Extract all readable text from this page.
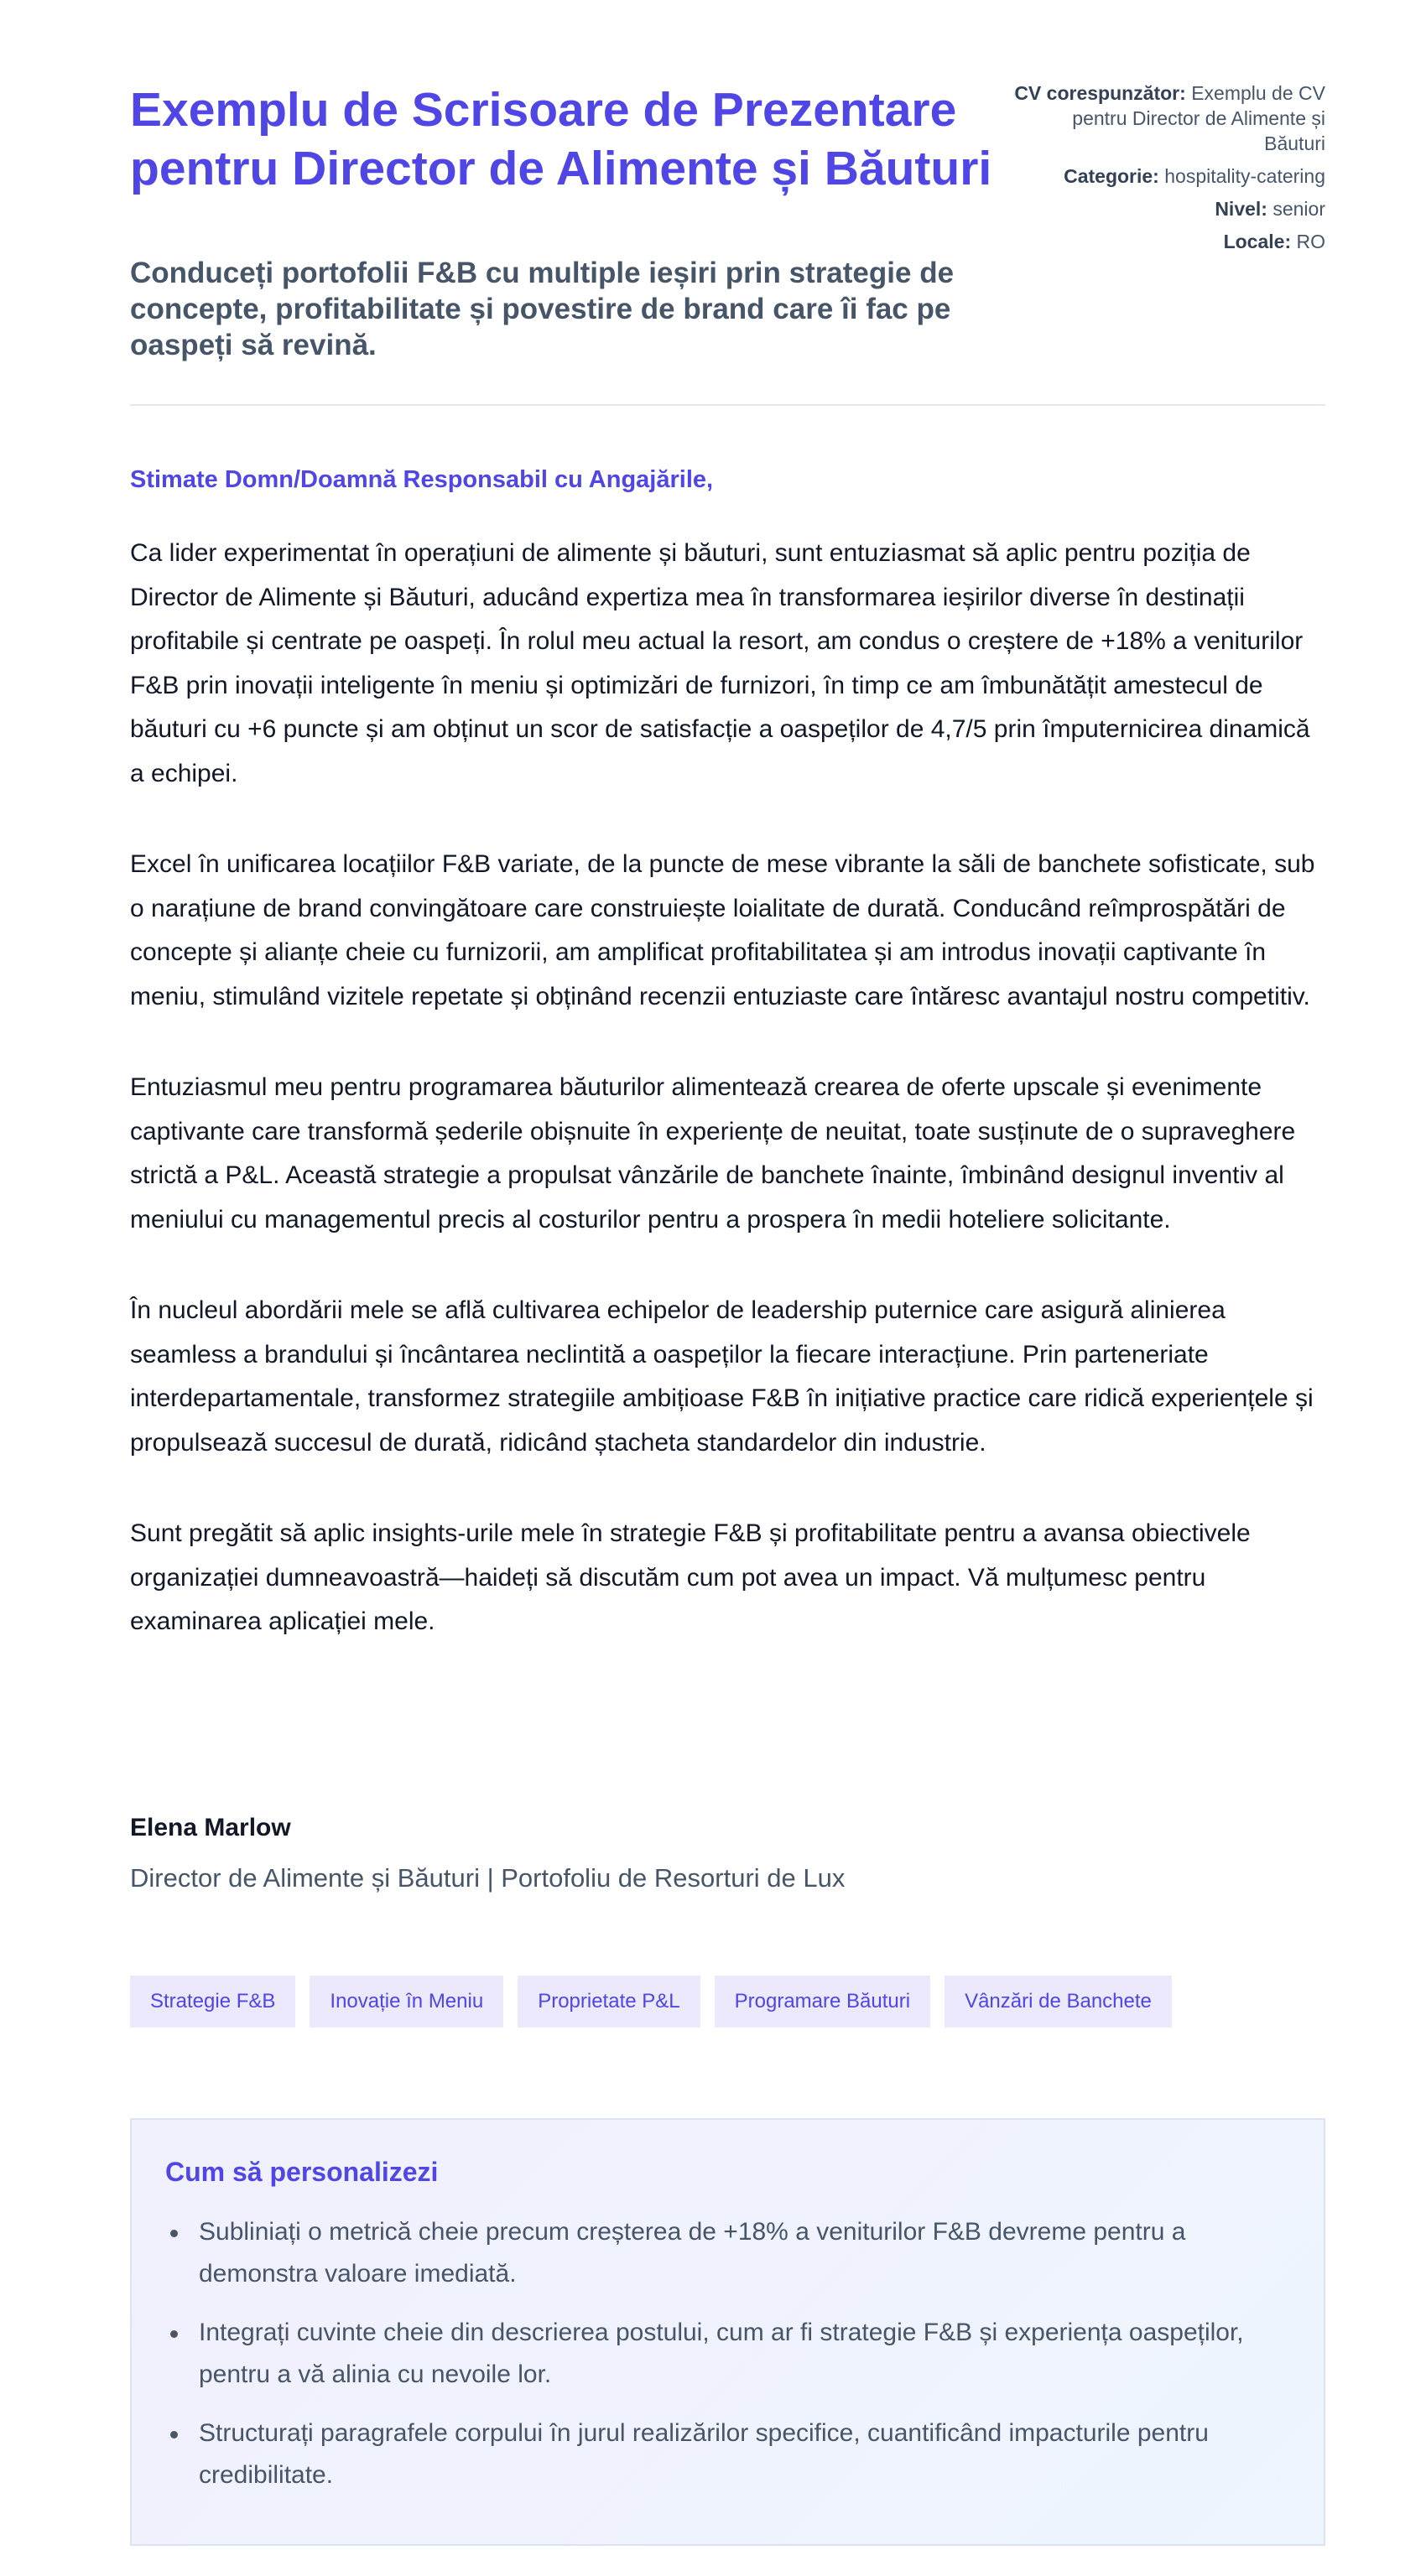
Exemplu de Scrisoare de Prezentare pentru Director de Alimente și Băuturi
Conduceți portofolii F&B cu multiple ieșiri prin strategie de concepte, profitabilitate și povestire de brand care îi fac pe oaspeți să revină.
CV corespunzător: Exemplu de CV pentru Director de Alimente și Băuturi
Categorie: hospitality-catering
Nivel: senior
Locale: RO
Stimate Domn/Doamnă Responsabil cu Angajările,

Ca lider experimentat în operațiuni de alimente și băuturi, sunt entuziasmat să aplic pentru poziția de Director de Alimente și Băuturi, aducând expertiza mea în transformarea ieșirilor diverse în destinații profitabile și centrate pe oaspeți. În rolul meu actual la resort, am condus o creștere de +18% a veniturilor F&B prin inovații inteligente în meniu și optimizări de furnizori, în timp ce am îmbunătățit amestecul de băuturi cu +6 puncte și am obținut un scor de satisfacție a oaspeților de 4,7/5 prin împuternicirea dinamică a echipei.

Excel în unificarea locațiilor F&B variate, de la puncte de mese vibrante la săli de banchete sofisticate, sub o narațiune de brand convingătoare care construiește loialitate de durată. Conducând reîmprospătări de concepte și alianțe cheie cu furnizorii, am amplificat profitabilitatea și am introdus inovații captivante în meniu, stimulând vizitele repetate și obținând recenzii entuziaste care întăresc avantajul nostru competitiv.

Entuziasmul meu pentru programarea băuturilor alimentează crearea de oferte upscale și evenimente captivante care transformă șederile obișnuite în experiențe de neuitat, toate susținute de o supraveghere strictă a P&L. Această strategie a propulsat vânzările de banchete înainte, îmbinând designul inventiv al meniului cu managementul precis al costurilor pentru a prospera în medii hoteliere solicitante.

În nucleul abordării mele se află cultivarea echipelor de leadership puternice care asigură alinierea seamless a brandului și încântarea neclintită a oaspeților la fiecare interacțiune. Prin parteneriate interdepartamentale, transformez strategiile ambițioase F&B în inițiative practice care ridică experiențele și propulsează succesul de durată, ridicând ștacheta standardelor din industrie.

Sunt pregătit să aplic insights-urile mele în strategie F&B și profitabilitate pentru a avansa obiectivele organizației dumneavoastră—haideți să discutăm cum pot avea un impact. Vă mulțumesc pentru examinarea aplicației mele.

Elena Marlow
Director de Alimente și Băuturi | Portofoliu de Resorturi de Lux
Strategie F&B	Inovație în Meniu	Proprietate P&L	Programare Băuturi	Vânzări de Banchete
Cum să personalizezi
Subliniați o metrică cheie precum creșterea de +18% a veniturilor F&B devreme pentru a demonstra valoare imediată.
Integrați cuvinte cheie din descrierea postului, cum ar fi strategie F&B și experiența oaspeților, pentru a vă alinia cu nevoile lor.
Structurați paragrafele corpului în jurul realizărilor specifice, cuantificând impacturile pentru credibilitate.
